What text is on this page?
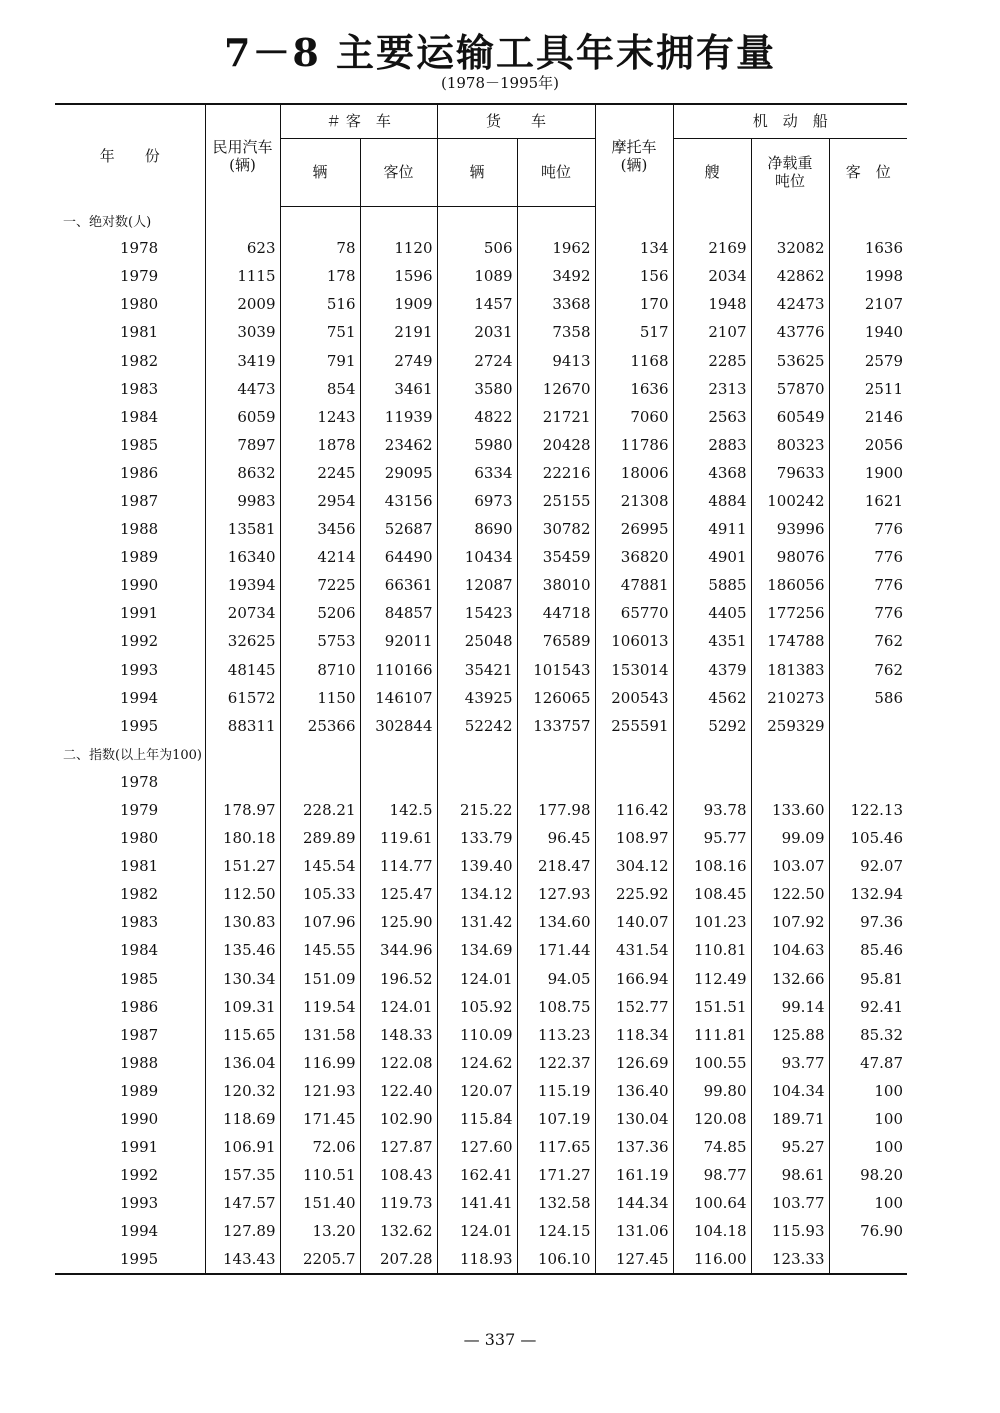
7－8 主要运输工具年末拥有量
(1978－1995年)
年　　份	民用汽车(辆)	＃ 客　车		货　　车		摩托车(辆)	机　动　船		
		辆	客位	辆	吨位		艘	净载重吨位	客　位

一、绝对数(人)									
1978	623	78	1120	506	1962	134	2169	32082	1636
1979	1115	178	1596	1089	3492	156	2034	42862	1998
1980	2009	516	1909	1457	3368	170	1948	42473	2107
1981	3039	751	2191	2031	7358	517	2107	43776	1940
1982	3419	791	2749	2724	9413	1168	2285	53625	2579
1983	4473	854	3461	3580	12670	1636	2313	57870	2511
1984	6059	1243	11939	4822	21721	7060	2563	60549	2146
1985	7897	1878	23462	5980	20428	11786	2883	80323	2056
1986	8632	2245	29095	6334	22216	18006	4368	79633	1900
1987	9983	2954	43156	6973	25155	21308	4884	100242	1621
1988	13581	3456	52687	8690	30782	26995	4911	93996	776
1989	16340	4214	64490	10434	35459	36820	4901	98076	776
1990	19394	7225	66361	12087	38010	47881	5885	186056	776
1991	20734	5206	84857	15423	44718	65770	4405	177256	776
1992	32625	5753	92011	25048	76589	106013	4351	174788	762
1993	48145	8710	110166	35421	101543	153014	4379	181383	762
1994	61572	1150	146107	43925	126065	200543	4562	210273	586
1995	88311	25366	302844	52242	133757	255591	5292	259329	
二、指数(以上年为100)									
1978									
1979	178.97	228.21	142.5	215.22	177.98	116.42	93.78	133.60	122.13
1980	180.18	289.89	119.61	133.79	96.45	108.97	95.77	99.09	105.46
1981	151.27	145.54	114.77	139.40	218.47	304.12	108.16	103.07	92.07
1982	112.50	105.33	125.47	134.12	127.93	225.92	108.45	122.50	132.94
1983	130.83	107.96	125.90	131.42	134.60	140.07	101.23	107.92	97.36
1984	135.46	145.55	344.96	134.69	171.44	431.54	110.81	104.63	85.46
1985	130.34	151.09	196.52	124.01	94.05	166.94	112.49	132.66	95.81
1986	109.31	119.54	124.01	105.92	108.75	152.77	151.51	99.14	92.41
1987	115.65	131.58	148.33	110.09	113.23	118.34	111.81	125.88	85.32
1988	136.04	116.99	122.08	124.62	122.37	126.69	100.55	93.77	47.87
1989	120.32	121.93	122.40	120.07	115.19	136.40	99.80	104.34	100
1990	118.69	171.45	102.90	115.84	107.19	130.04	120.08	189.71	100
1991	106.91	72.06	127.87	127.60	117.65	137.36	74.85	95.27	100
1992	157.35	110.51	108.43	162.41	171.27	161.19	98.77	98.61	98.20
1993	147.57	151.40	119.73	141.41	132.58	144.34	100.64	103.77	100
1994	127.89	13.20	132.62	124.01	124.15	131.06	104.18	115.93	76.90
1995	143.43	2205.7	207.28	118.93	106.10	127.45	116.00	123.33	
— 337 —
